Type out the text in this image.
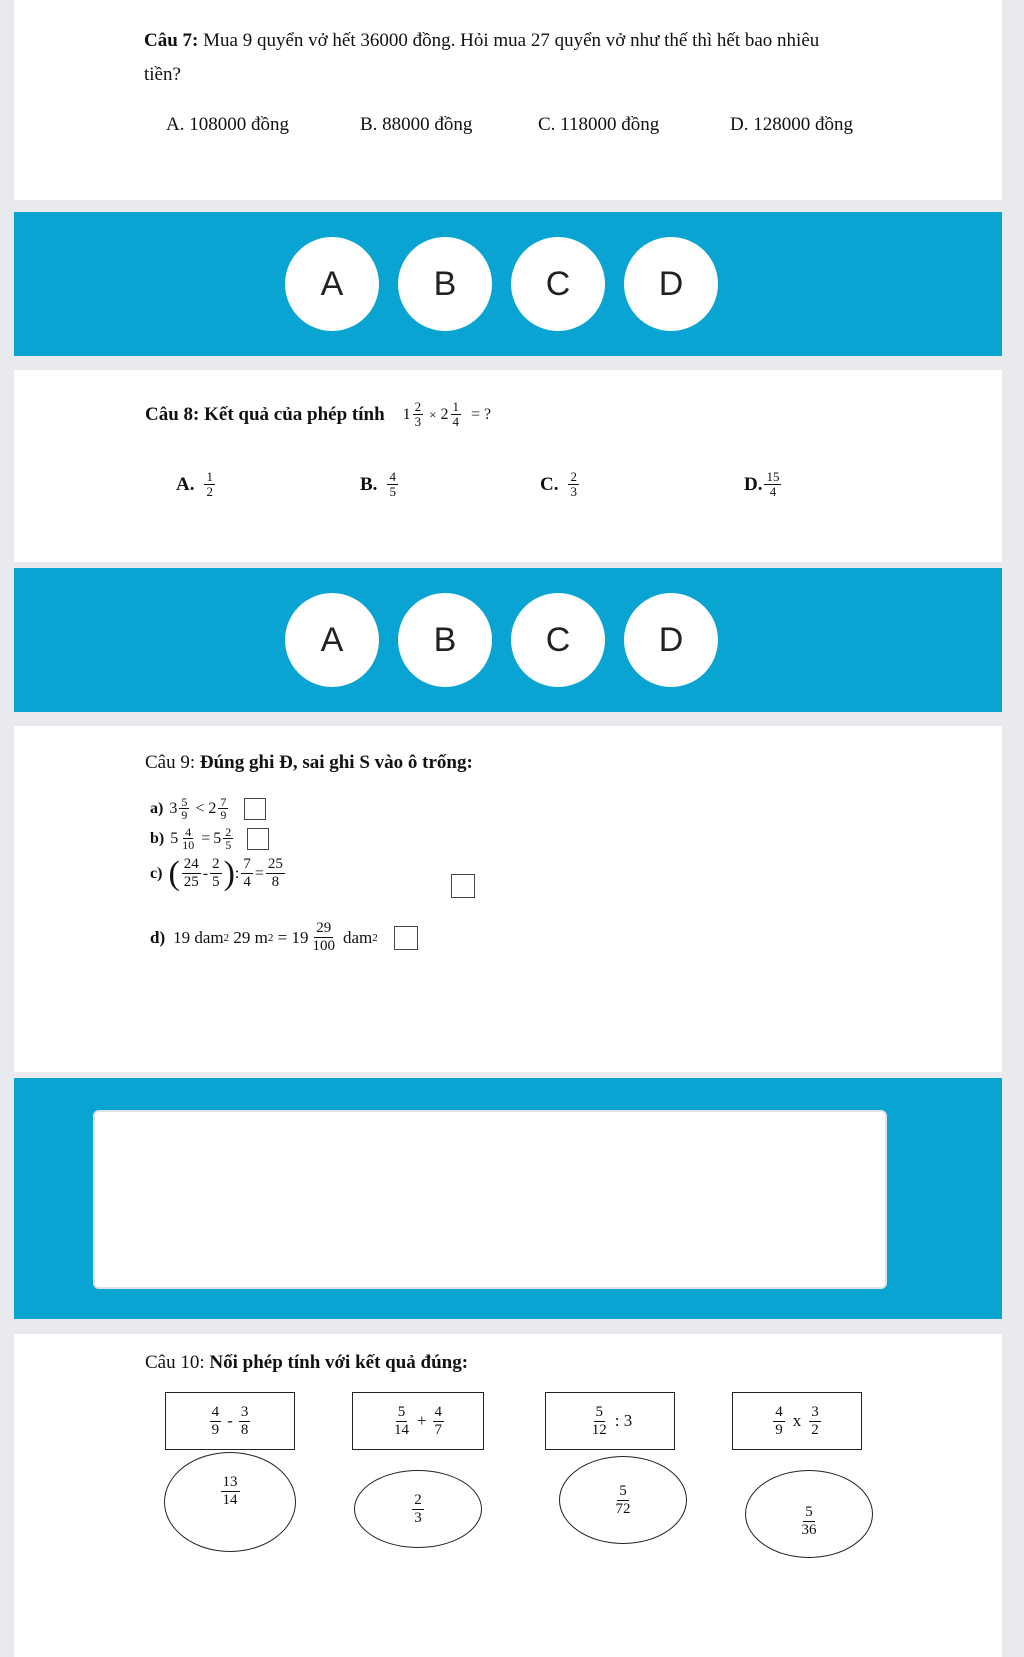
Câu 7: Mua 9 quyển vở hết 36000 đồng. Hỏi mua 27 quyển vở như thế thì hết bao nhiêu
tiền?
A. 108000 đồng	B. 88000 đồng	C. 118000 đồng	D. 128000 đồng
A	B	C	D
Câu 8: Kết quả của phép tính $1 \frac{2}{3} \times 2 \frac{1}{4}$ = ?
A. $\frac{1}{2}$	B. $\frac{4}{5}$	C. $\frac{2}{3}$	D. $\frac{15}{4}$
A	B	C	D
Câu 9: Đúng ghi Đ, sai ghi S vào ô trống:
a) $3 \frac{5}{9} < 2 \frac{7}{9}$
b) $5 \frac{4}{10} = 5 \frac{2}{5}$
c) ( $\frac{24}{25} - \frac{2}{5}$ ) : $\frac{7}{4} = \frac{25}{8}$
d) 19 dam 2 29 m $2 = 19 \frac{29}{100}$ dam 2
Câu 10: Nối phép tính với kết quả đúng:
$\frac{4}{9} - \frac{3}{8}$	$\frac{5}{14} + \frac{4}{7}$	$\frac{5}{12}$ : 3	$\frac{4}{9}$ x $\frac{3}{2}$
$\frac{13}{14}$
$\frac{2}{3}$	$\frac{5}{72}$
$\frac{5}{36}$
